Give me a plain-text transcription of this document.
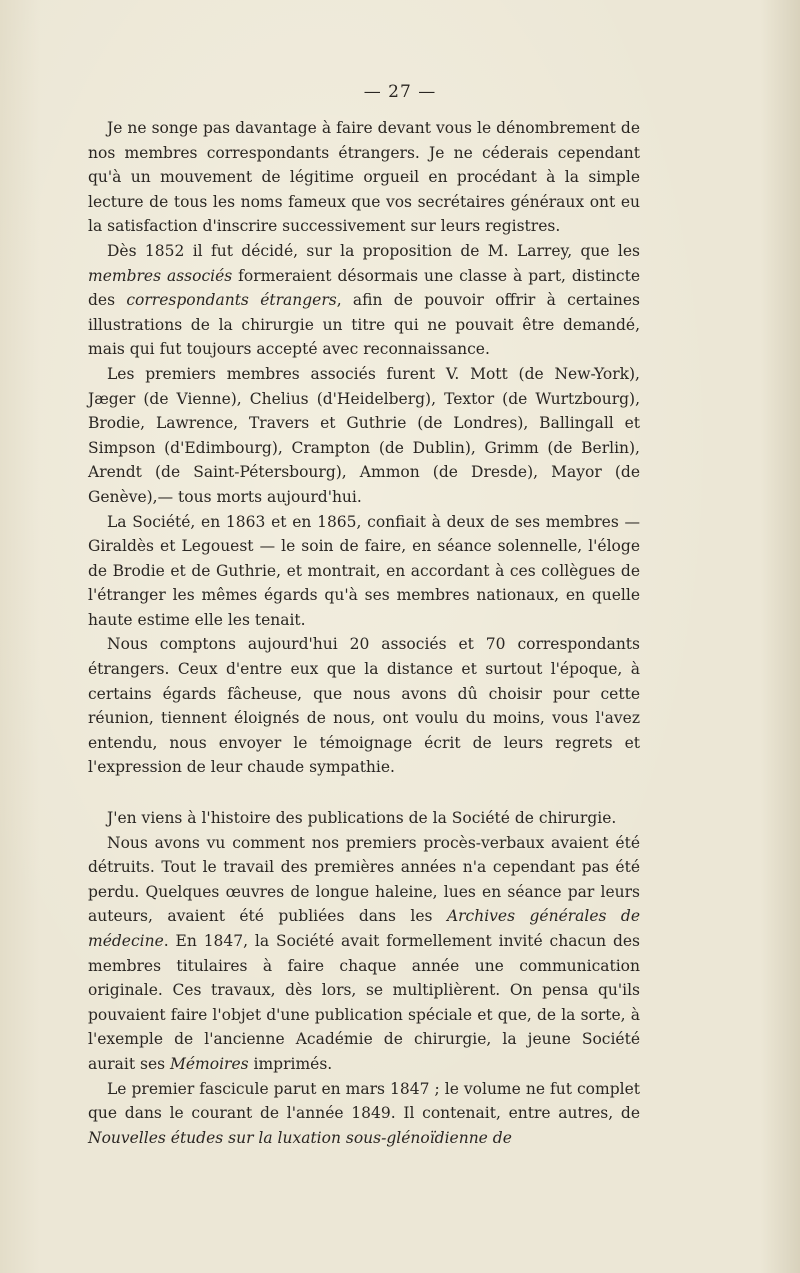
— 27 —

Je ne songe pas davantage à faire devant vous le dénombrement de nos membres correspondants étrangers. Je ne céderais cependant qu'à un mouvement de légitime orgueil en procédant à la simple lecture de tous les noms fameux que vos secrétaires généraux ont eu la satisfaction d'inscrire successivement sur leurs registres.

Dès 1852 il fut décidé, sur la proposition de M. Larrey, que les membres associés formeraient désormais une classe à part, distincte des correspondants étrangers, afin de pouvoir offrir à certaines illustrations de la chirurgie un titre qui ne pouvait être demandé, mais qui fut toujours accepté avec reconnaissance.

Les premiers membres associés furent V. Mott (de New-York), Jæger (de Vienne), Chelius (d'Heidelberg), Textor (de Wurtzbourg), Brodie, Lawrence, Travers et Guthrie (de Londres), Ballingall et Simpson (d'Edimbourg), Crampton (de Dublin), Grimm (de Berlin), Arendt (de Saint-Pétersbourg), Ammon (de Dresde), Mayor (de Genève),— tous morts aujourd'hui.

La Société, en 1863 et en 1865, confiait à deux de ses membres — Giraldès et Legouest — le soin de faire, en séance solennelle, l'éloge de Brodie et de Guthrie, et montrait, en accordant à ces collègues de l'étranger les mêmes égards qu'à ses membres nationaux, en quelle haute estime elle les tenait.

Nous comptons aujourd'hui 20 associés et 70 correspondants étrangers. Ceux d'entre eux que la distance et surtout l'époque, à certains égards fâcheuse, que nous avons dû choisir pour cette réunion, tiennent éloignés de nous, ont voulu du moins, vous l'avez entendu, nous envoyer le témoignage écrit de leurs regrets et l'expression de leur chaude sympathie.

J'en viens à l'histoire des publications de la Société de chirurgie.

Nous avons vu comment nos premiers procès-verbaux avaient été détruits. Tout le travail des premières années n'a cependant pas été perdu. Quelques œuvres de longue haleine, lues en séance par leurs auteurs, avaient été publiées dans les Archives générales de médecine. En 1847, la Société avait formellement invité chacun des membres titulaires à faire chaque année une communication originale. Ces travaux, dès lors, se multiplièrent. On pensa qu'ils pouvaient faire l'objet d'une publication spéciale et que, de la sorte, à l'exemple de l'ancienne Académie de chirurgie, la jeune Société aurait ses Mémoires imprimés.

Le premier fascicule parut en mars 1847 ; le volume ne fut complet que dans le courant de l'année 1849. Il contenait, entre autres, de Nouvelles études sur la luxation sous-glénoïdienne de
